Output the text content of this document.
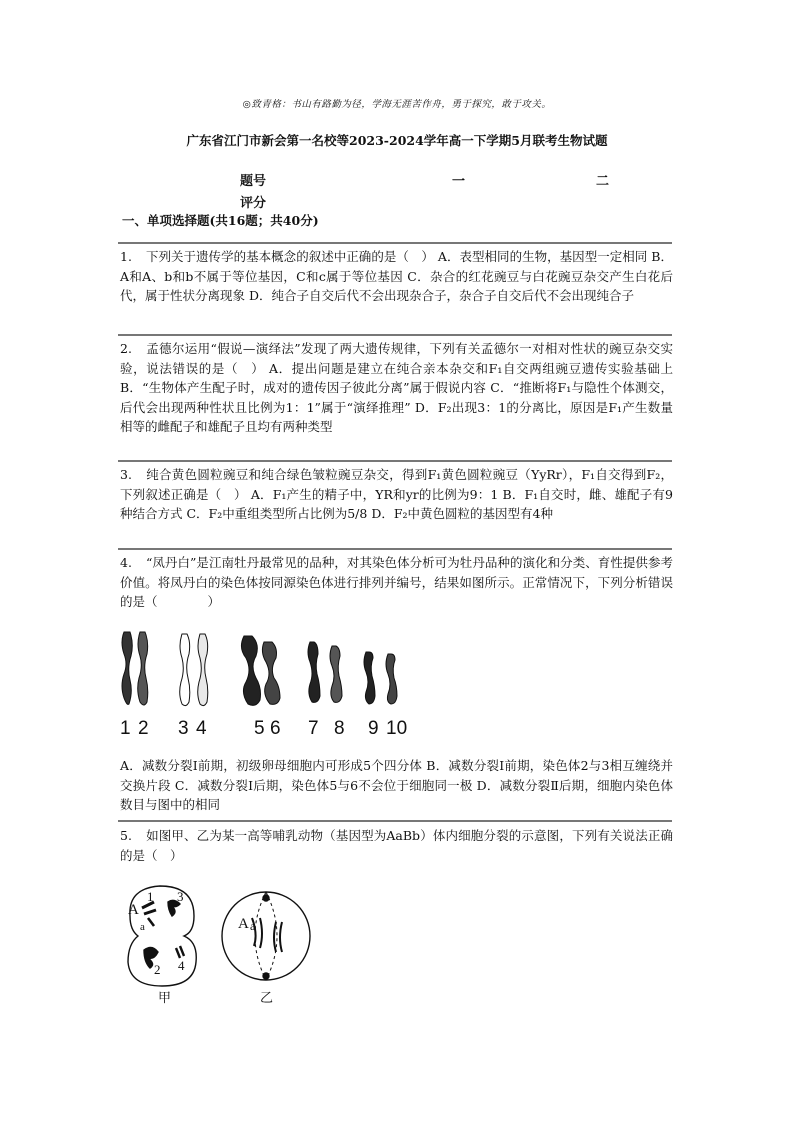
◎致青格：书山有路勤为径，学海无涯苦作舟，勇于探究，敢于攻关。
广东省江门市新会第一名校等2023-2024学年高一下学期5月联考生物试题
题号	一	二
评分
一、单项选择题(共16题；共40分)
1. 下列关于遗传学的基本概念的叙述中正确的是（　） A．表型相同的生物，基因型一定相同 B．A和A、b和b不属于等位基因，C和c属于等位基因 C．杂合的红花豌豆与白花豌豆杂交产生白花后代，属于性状分离现象 D．纯合子自交后代不会出现杂合子，杂合子自交后代不会出现纯合子
2. 孟德尔运用“假说—演绎法”发现了两大遗传规律，下列有关孟德尔一对相对性状的豌豆杂交实验，说法错误的是（　） A．提出问题是建立在纯合亲本杂交和F₁自交两组豌豆遗传实验基础上 B．“生物体产生配子时，成对的遗传因子彼此分离”属于假说内容 C．“推断将F₁与隐性个体测交，后代会出现两种性状且比例为1：1”属于“演绎推理” D．F₂出现3：1的分离比，原因是F₁产生数量相等的雌配子和雄配子且均有两种类型
3. 纯合黄色圆粒豌豆和纯合绿色皱粒豌豆杂交，得到F₁黄色圆粒豌豆（YyRr），F₁自交得到F₂， 下列叙述正确是（　） A．F₁产生的精子中，YR和yr的比例为9：1 B．F₁自交时，雌、雄配子有9种结合方式 C．F₂中重组类型所占比例为5/8 D．F₂中黄色圆粒的基因型有4种
4. “凤丹白”是江南牡丹最常见的品种，对其染色体分析可为牡丹品种的演化和分类、育性提供参考价值。将凤丹白的染色体按同源染色体进行排列并编号，结果如图所示。正常情况下，下列分析错误的是（　　　　）
1 2 3 4 5 6 7 8 9 10
A．减数分裂Ⅰ前期，初级卵母细胞内可形成5个四分体 B．减数分裂Ⅰ前期，染色体2与3相互缠绕并交换片段 C．减数分裂Ⅰ后期，染色体5与6不会位于细胞同一极 D．减数分裂Ⅱ后期，细胞内染色体数目与图中的相同
5. 如图甲、乙为某一高等哺乳动物（基因型为AaBb）体内细胞分裂的示意图，下列有关说法正确的是（　）
A
1 3
a
2 4
甲
A a
乙
